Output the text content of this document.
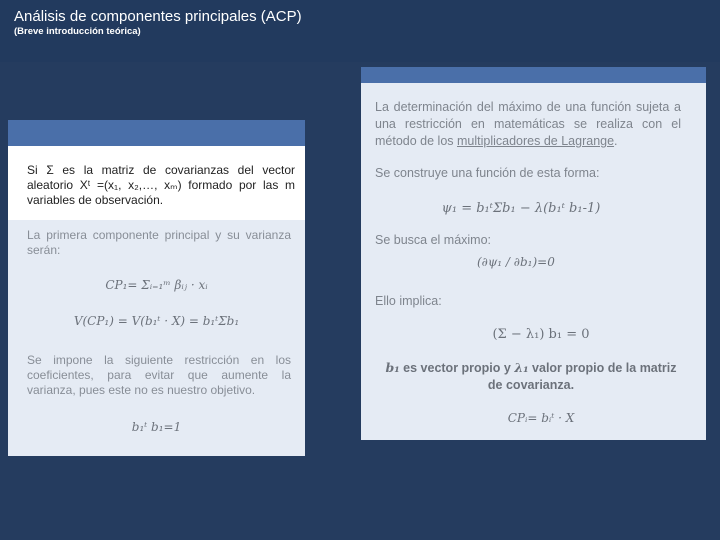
Análisis de componentes principales (ACP)
(Breve introducción teórica)
Si Σ es la matriz de covarianzas del vector aleatorio Xᵗ =(x₁, x₂,…, xₘ) formado por las m variables de observación.
La primera componente principal y su varianza serán:
CP₁= Σᵢ₌₁ᵐ βᵢⱼ · xᵢ
V(CP₁) = V(b₁ᵗ · X) = b₁ᵗΣb₁
Se impone la siguiente restricción en los coeficientes, para evitar que aumente la varianza, pues este no es nuestro objetivo.
b₁ᵗ b₁=1
La determinación del máximo de una función sujeta a una restricción en matemáticas se realiza con el método de los multiplicadores de Lagrange.
Se construye una función de esta forma:
ψ₁ = b₁ᵗΣb₁ − λ(b₁ᵗ b₁-1)
Se busca el máximo:
(∂ψ₁ / ∂b₁)=0
Ello implica:
(Σ − λ₁) b₁ = 0
b₁ es vector propio y λ₁ valor propio de la matriz de covarianza.
CPᵢ= bᵢᵗ · X
